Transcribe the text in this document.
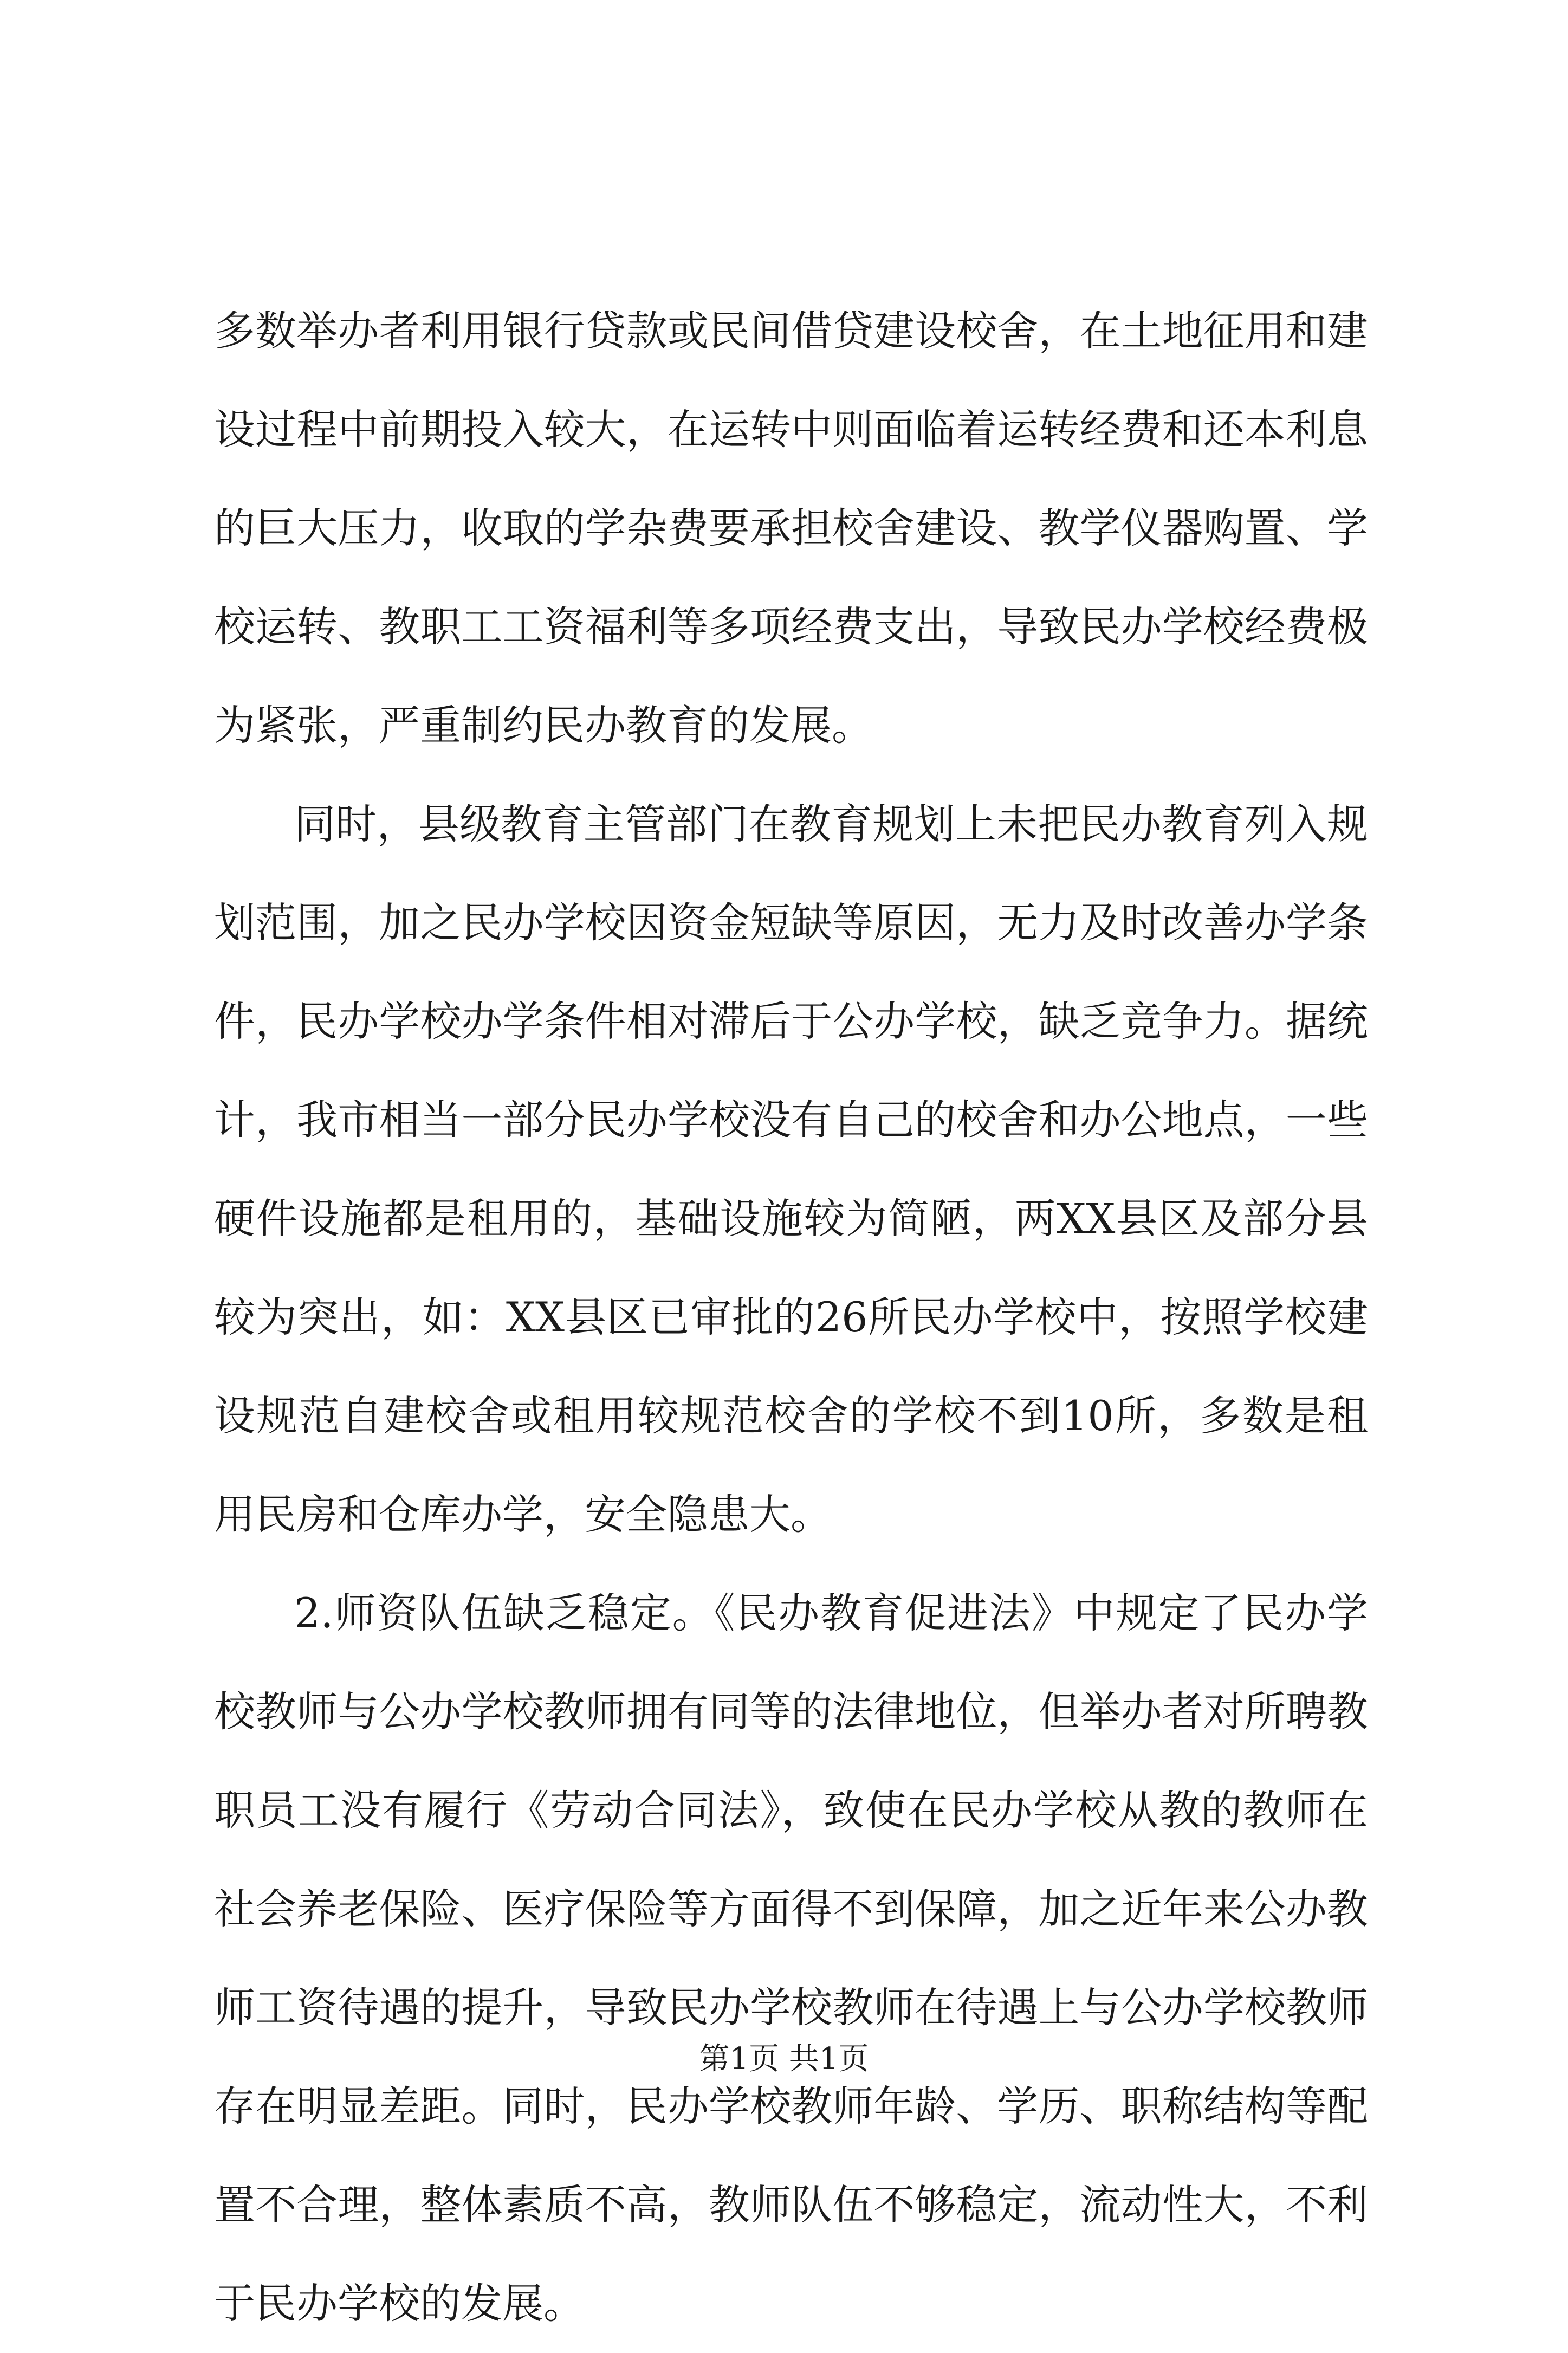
多数举办者利用银行贷款或民间借贷建设校舍，在土地征用和建
设过程中前期投入较大，在运转中则面临着运转经费和还本利息
的巨大压力，收取的学杂费要承担校舍建设、教学仪器购置、学
校运转、教职工工资福利等多项经费支出，导致民办学校经费极
为紧张，严重制约民办教育的发展。
同时，县级教育主管部门在教育规划上未把民办教育列入规
划范围，加之民办学校因资金短缺等原因，无力及时改善办学条
件，民办学校办学条件相对滞后于公办学校，缺乏竞争力。据统
计，我市相当一部分民办学校没有自己的校舍和办公地点，一些
硬件设施都是租用的，基础设施较为简陋，两XX县区及部分县
较为突出，如：XX县区已审批的26所民办学校中，按照学校建
设规范自建校舍或租用较规范校舍的学校不到10所，多数是租
用民房和仓库办学，安全隐患大。
2.师资队伍缺乏稳定。《民办教育促进法》中规定了民办学
校教师与公办学校教师拥有同等的法律地位，但举办者对所聘教
职员工没有履行《劳动合同法》，致使在民办学校从教的教师在
社会养老保险、医疗保险等方面得不到保障，加之近年来公办教
师工资待遇的提升，导致民办学校教师在待遇上与公办学校教师
存在明显差距。同时，民办学校教师年龄、学历、职称结构等配
置不合理，整体素质不高，教师队伍不够稳定，流动性大，不利
于民办学校的发展。
第1页 共1页
